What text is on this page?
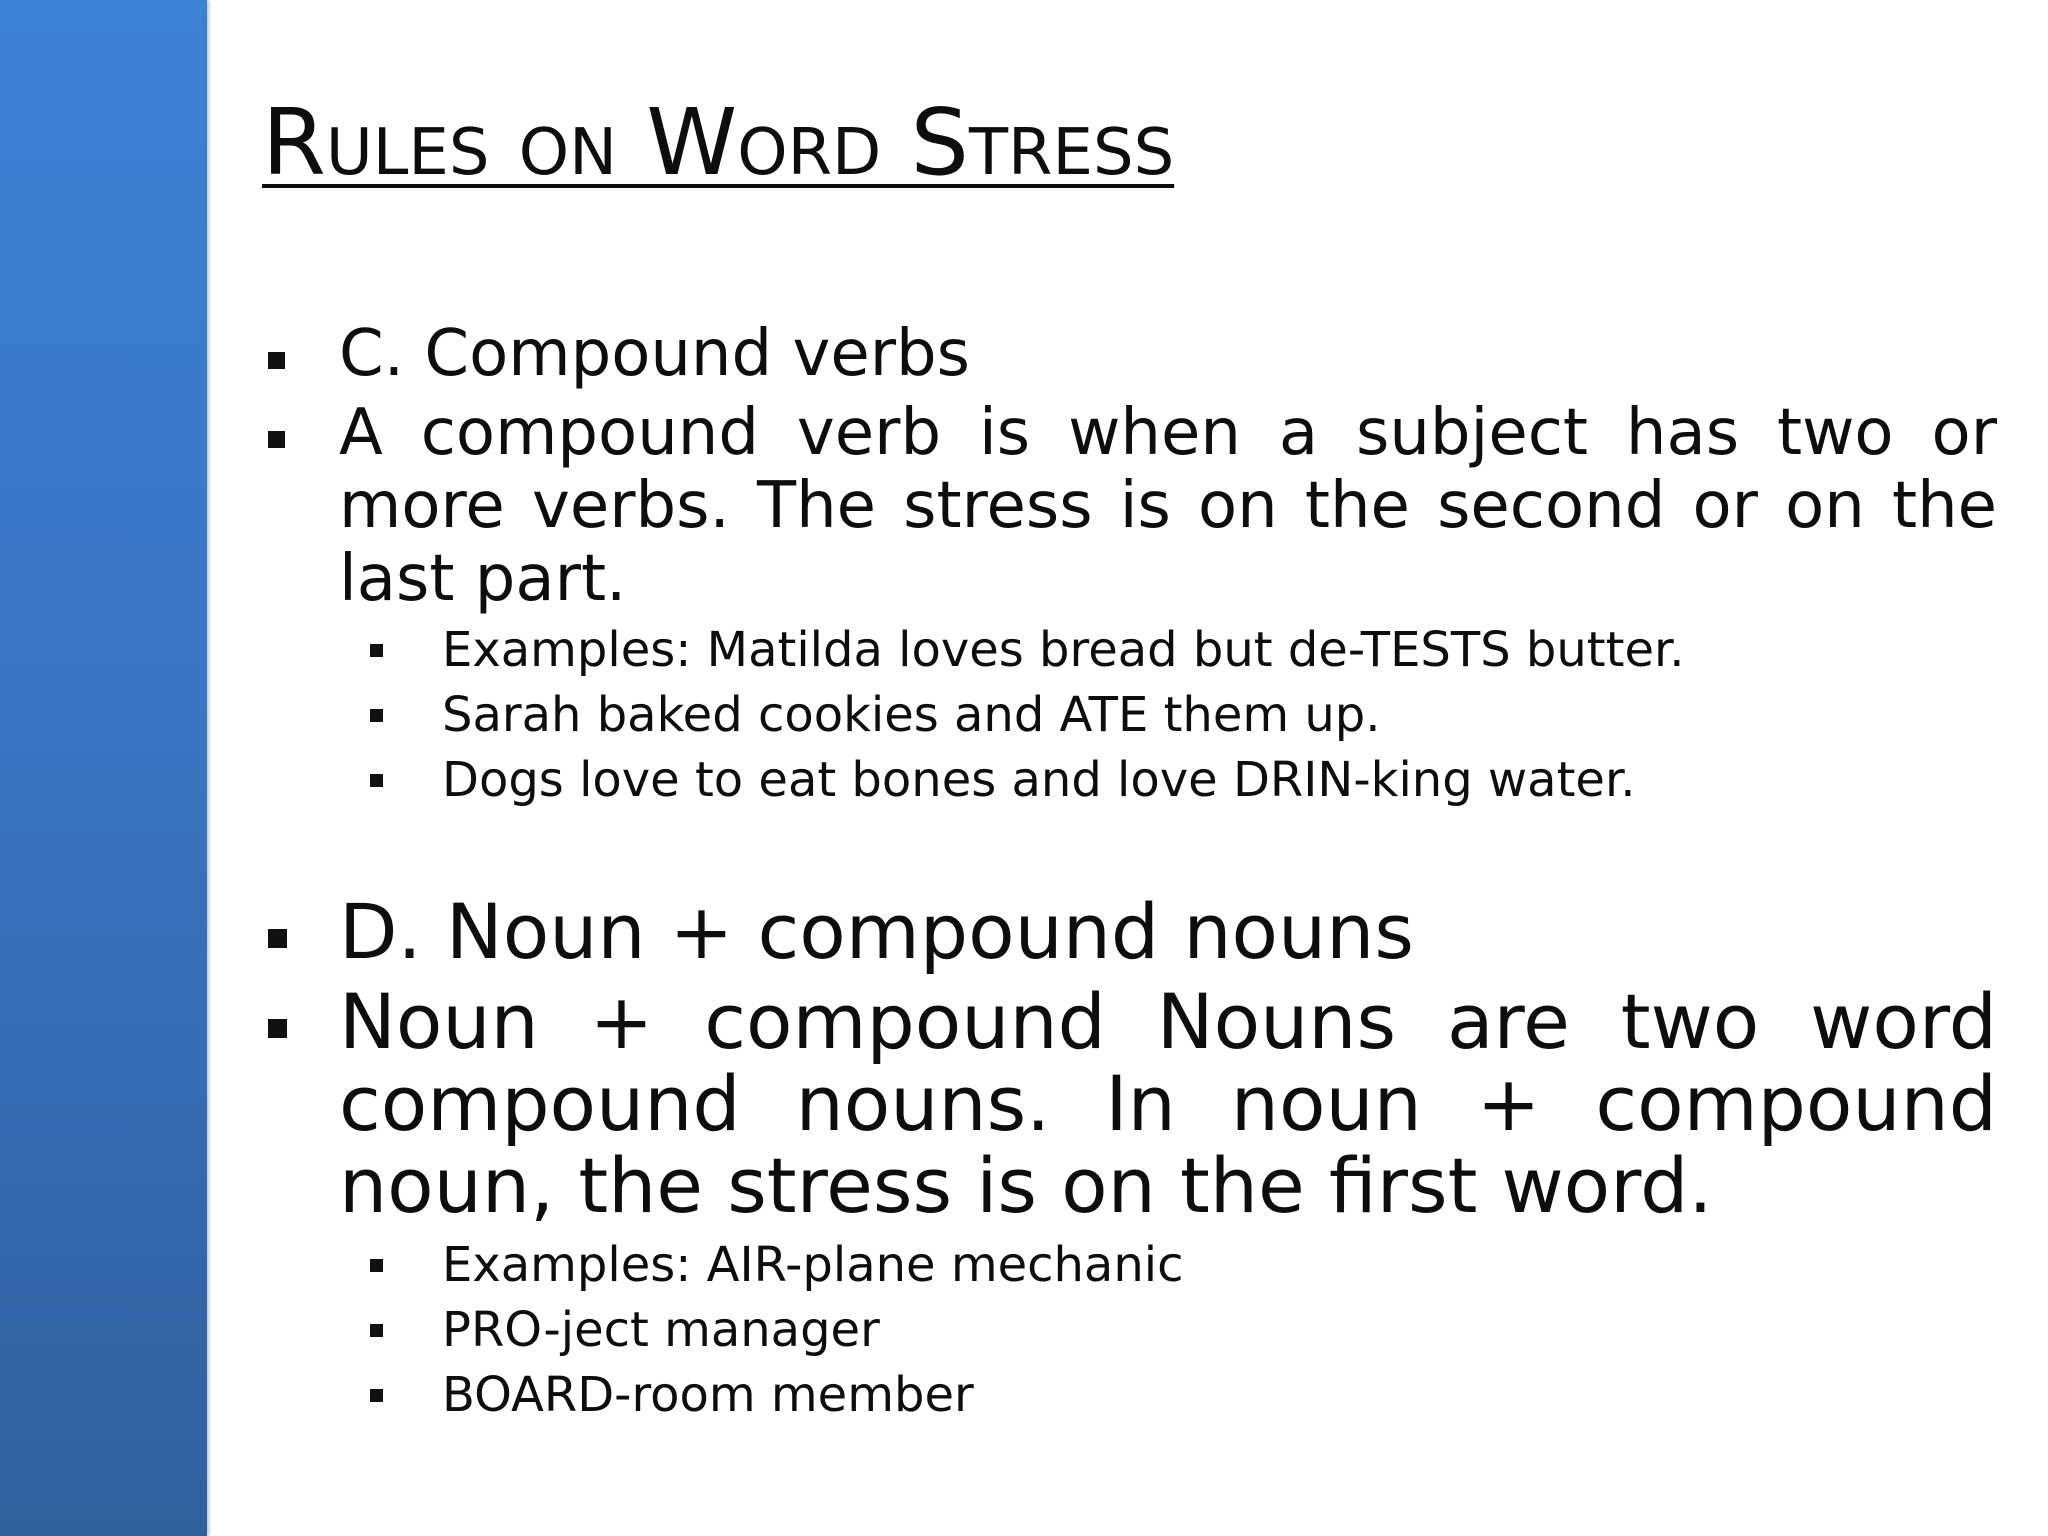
Rules on Word Stress
C. Compound verbs
A compound verb is when a subject has two or more verbs. The stress is on the second or on the last part.
Examples: Matilda loves bread but de-TESTS butter.
Sarah baked cookies and ATE them up.
Dogs love to eat bones and love DRIN-king water.
D. Noun + compound nouns
Noun + compound Nouns are two word compound nouns. In noun + compound noun, the stress is on the first word.
Examples: AIR-plane mechanic
PRO-ject manager
BOARD-room member
